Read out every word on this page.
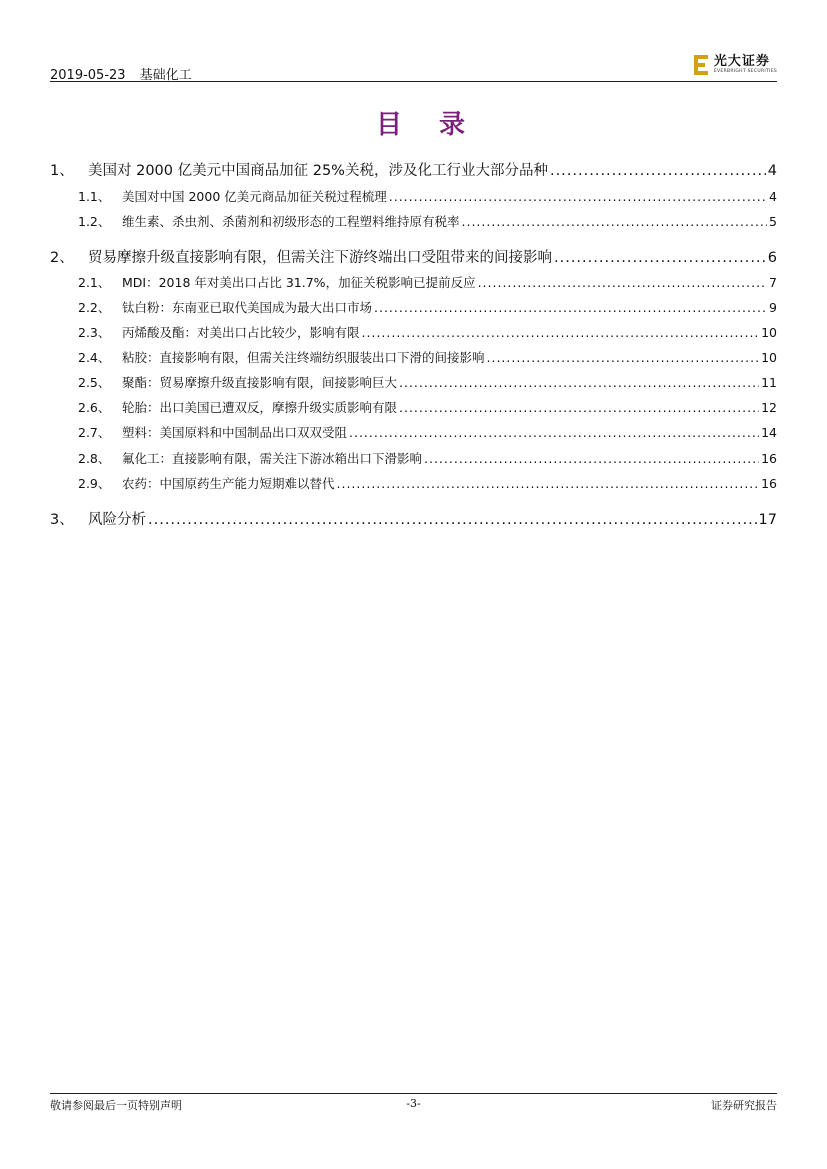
2019-05-23 基础化工
光大证券
EVERBRIGHT SECURITIES
目 录
1、 美国对 2000 亿美元中国商品加征 25%关税，涉及化工行业大部分品种 .....	4
1.1、 美国对中国 2000 亿美元商品加征关税过程梳理 .....	4
1.2、 维生素、杀虫剂、杀菌剂和初级形态的工程塑料维持原有税率 .....	5
2、 贸易摩擦升级直接影响有限，但需关注下游终端出口受阻带来的间接影响 .....	6
2.1、 MDI：2018 年对美出口占比 31.7%，加征关税影响已提前反应 .....	7
2.2、 钛白粉：东南亚已取代美国成为最大出口市场 .....	9
2.3、 丙烯酸及酯：对美出口占比较少，影响有限 .....	10
2.4、 粘胶：直接影响有限，但需关注终端纺织服装出口下滑的间接影响 .....	10
2.5、 聚酯：贸易摩擦升级直接影响有限，间接影响巨大 .....	11
2.6、 轮胎：出口美国已遭双反，摩擦升级实质影响有限 .....	12
2.7、 塑料：美国原料和中国制品出口双双受阻 .....	14
2.8、 氟化工：直接影响有限，需关注下游冰箱出口下滑影响 .....	16
2.9、 农药：中国原药生产能力短期难以替代 .....	16
3、 风险分析 .....	17
敬请参阅最后一页特别声明	-3-	证券研究报告
